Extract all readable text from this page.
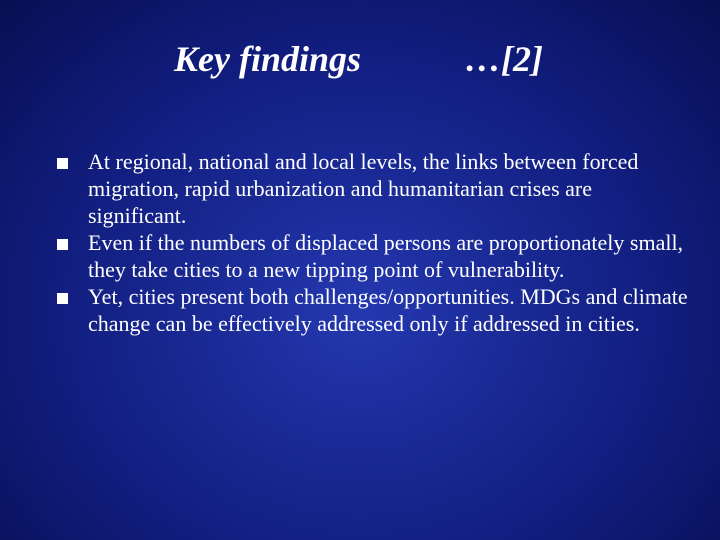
Key findings	…[2]
At regional, national and local levels, the links between forced migration, rapid urbanization and humanitarian crises are significant.
Even if the numbers of displaced persons are proportionately small, they take cities to a new tipping point of vulnerability.
Yet, cities present both challenges/opportunities. MDGs and climate change can be effectively addressed only if addressed in cities.
